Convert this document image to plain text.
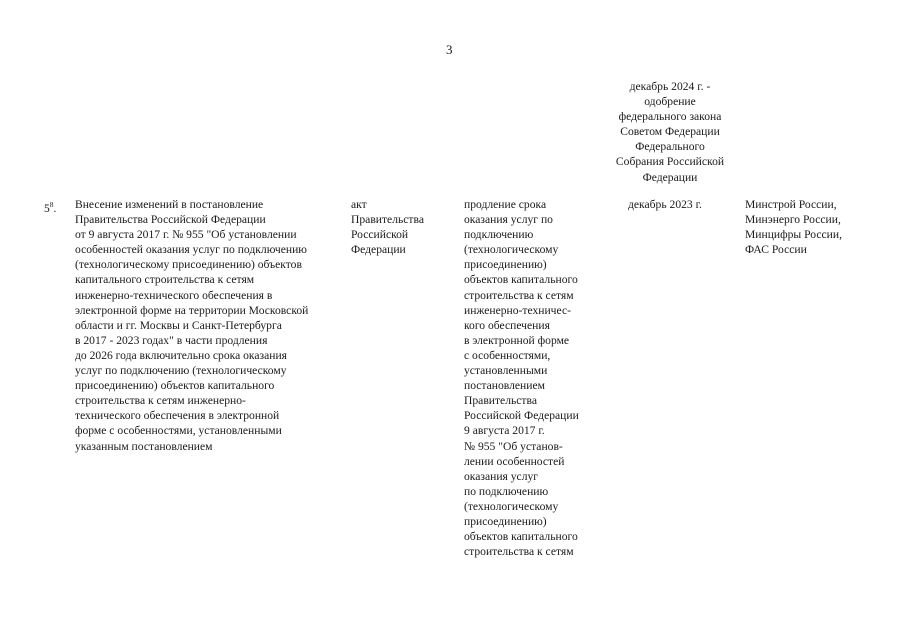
3
декабрь 2024 г. -
одобрение
федерального закона
Советом Федерации
Федерального
Собрания Российской
Федерации
$5^8$. Внесение изменений в постановление
Правительства Российской Федерации
от 9 августа 2017 г. № 955 "Об установлении
особенностей оказания услуг по подключению
(технологическому присоединению) объектов
капитального строительства к сетям
инженерно-технического обеспечения в
электронной форме на территории Московской
области и гг. Москвы и Санкт-Петербурга
в 2017 - 2023 годах" в части продления
до 2026 года включительно срока оказания
услуг по подключению (технологическому
присоединению) объектов капитального
строительства к сетям инженерно-
технического обеспечения в электронной
форме с особенностями, установленными
указанным постановлением
акт
Правительства
Российской
Федерации
продление срока
оказания услуг по
подключению
(технологическому
присоединению)
объектов капитального
строительства к сетям
инженерно-техничес-
кого обеспечения
в электронной форме
с особенностями,
установленными
постановлением
Правительства
Российской Федерации
9 августа 2017 г.
№ 955 "Об установ-
лении особенностей
оказания услуг
по подключению
(технологическому
присоединению)
объектов капитального
строительства к сетям
декабрь 2023 г.	Минстрой России,
Минэнерго России,
Минцифры России,
ФАС России
